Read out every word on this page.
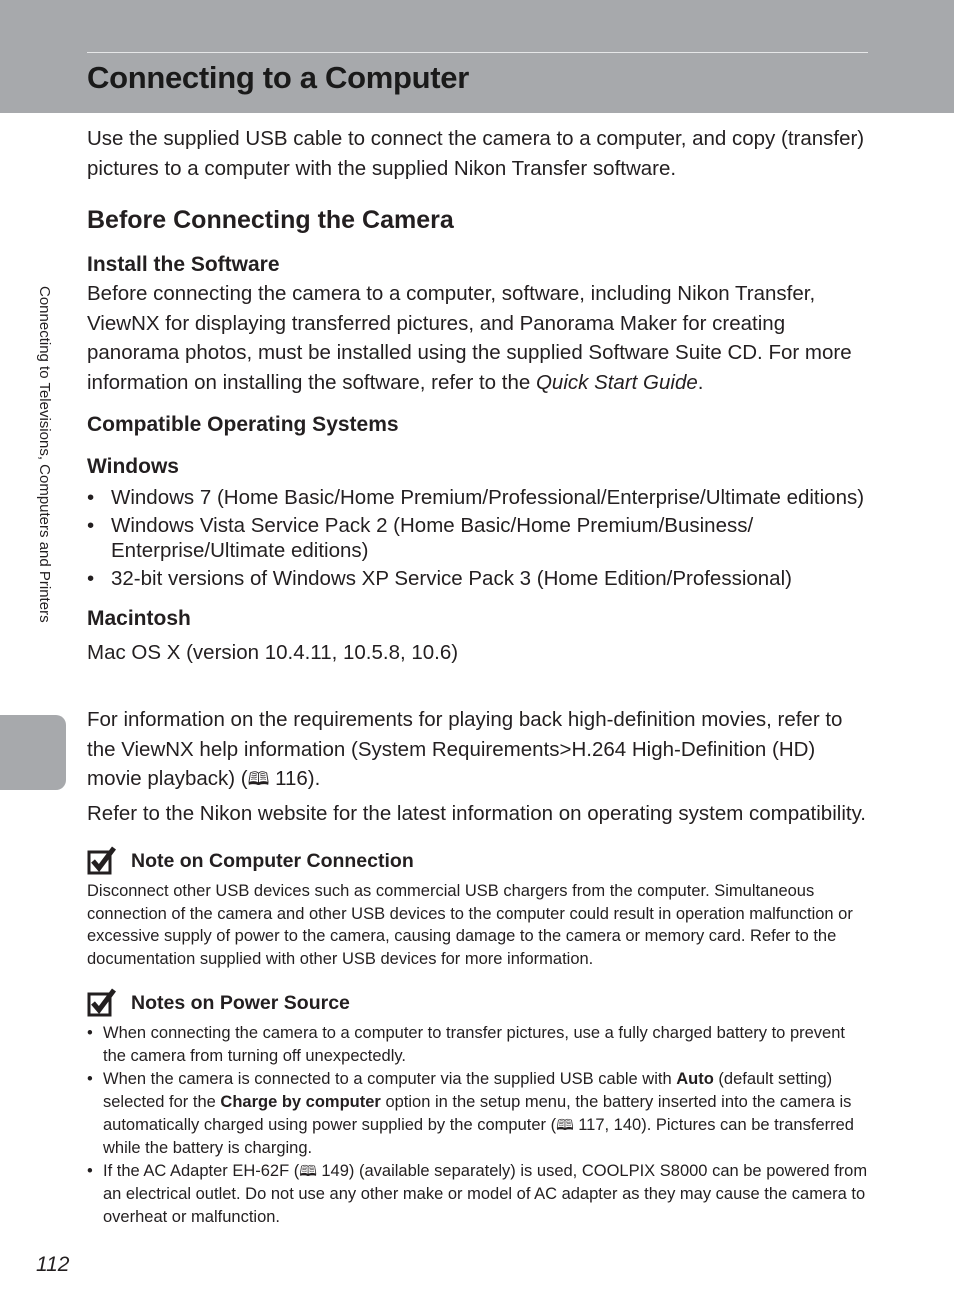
Connecting to a Computer
Connecting to Televisions, Computers and Printers

Use the supplied USB cable to connect the camera to a computer, and copy (transfer) pictures to a computer with the supplied Nikon Transfer software.

Before Connecting the Camera
Install the Software

Before connecting the camera to a computer, software, including Nikon Transfer, ViewNX for displaying transferred pictures, and Panorama Maker for creating panorama photos, must be installed using the supplied Software Suite CD. For more information on installing the software, refer to the Quick Start Guide.

Compatible Operating Systems
Windows
• Windows 7 (Home Basic/Home Premium/Professional/Enterprise/Ultimate editions)
• Windows Vista Service Pack 2 (Home Basic/Home Premium/Business/ Enterprise/Ultimate editions)
• 32-bit versions of Windows XP Service Pack 3 (Home Edition/Professional)
Macintosh

Mac OS X (version 10.4.11, 10.5.8, 10.6)

For information on the requirements for playing back high-definition movies, refer to the ViewNX help information (System Requirements>H.264 High-Definition (HD) movie playback) (🕮 116).

Refer to the Nikon website for the latest information on operating system compatibility.

Note on Computer Connection

Disconnect other USB devices such as commercial USB chargers from the computer. Simultaneous connection of the camera and other USB devices to the computer could result in operation malfunction or excessive supply of power to the camera, causing damage to the camera or memory card. Refer to the documentation supplied with other USB devices for more information.

Notes on Power Source
• When connecting the camera to a computer to transfer pictures, use a fully charged battery to prevent the camera from turning off unexpectedly.
• When the camera is connected to a computer via the supplied USB cable with Auto (default setting) selected for the Charge by computer option in the setup menu, the battery inserted into the camera is automatically charged using power supplied by the computer (🕮 117, 140). Pictures can be transferred while the battery is charging.
• If the AC Adapter EH-62F (🕮 149) (available separately) is used, COOLPIX S8000 can be powered from an electrical outlet. Do not use any other make or model of AC adapter as they may cause the camera to overheat or malfunction.
112
